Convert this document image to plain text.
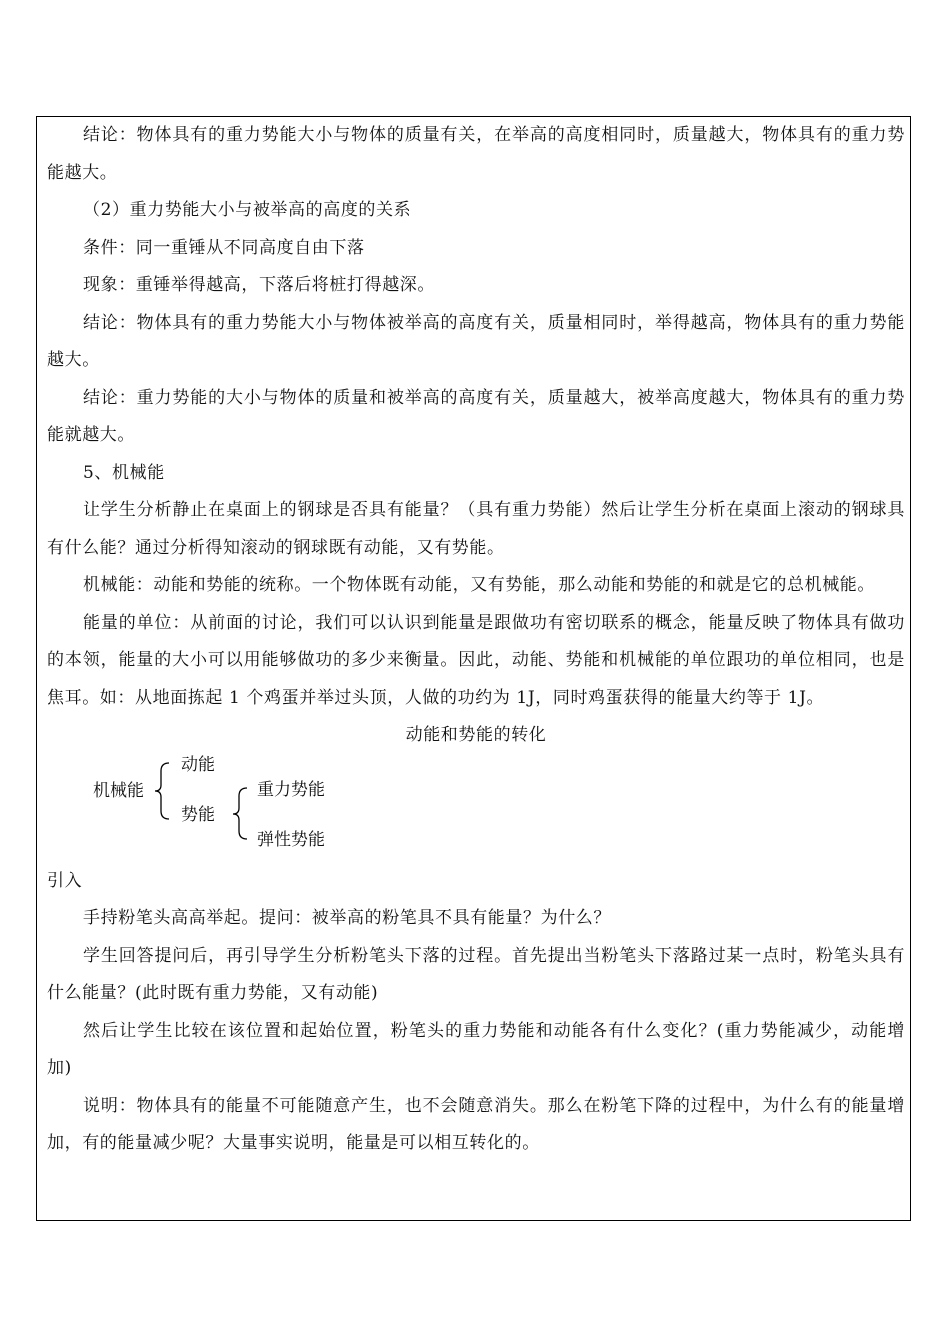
结论：物体具有的重力势能大小与物体的质量有关，在举高的高度相同时，质量越大，物体具有的重力势能越大。

（2）重力势能大小与被举高的高度的关系

条件：同一重锤从不同高度自由下落

现象：重锤举得越高，下落后将桩打得越深。

结论：物体具有的重力势能大小与物体被举高的高度有关，质量相同时，举得越高，物体具有的重力势能越大。

结论：重力势能的大小与物体的质量和被举高的高度有关，质量越大，被举高度越大，物体具有的重力势能就越大。

5、机械能

让学生分析静止在桌面上的钢球是否具有能量？（具有重力势能）然后让学生分析在桌面上滚动的钢球具有什么能？通过分析得知滚动的钢球既有动能，又有势能。

机械能：动能和势能的统称。一个物体既有动能，又有势能，那么动能和势能的和就是它的总机械能。

能量的单位：从前面的讨论，我们可以认识到能量是跟做功有密切联系的概念，能量反映了物体具有做功的本领，能量的大小可以用能够做功的多少来衡量。因此，动能、势能和机械能的单位跟功的单位相同，也是焦耳。如：从地面拣起 1 个鸡蛋并举过头顶，人做的功约为 1J，同时鸡蛋获得的能量大约等于 1J。

动能和势能的转化

机械能
动能
势能
重力势能
弹性势能

引入

手持粉笔头高高举起。提问：被举高的粉笔具不具有能量？为什么？

学生回答提问后，再引导学生分析粉笔头下落的过程。首先提出当粉笔头下落路过某一点时，粉笔头具有什么能量？(此时既有重力势能，又有动能)

然后让学生比较在该位置和起始位置，粉笔头的重力势能和动能各有什么变化？(重力势能减少，动能增加)

说明：物体具有的能量不可能随意产生，也不会随意消失。那么在粉笔下降的过程中，为什么有的能量增加，有的能量减少呢？大量事实说明，能量是可以相互转化的。
